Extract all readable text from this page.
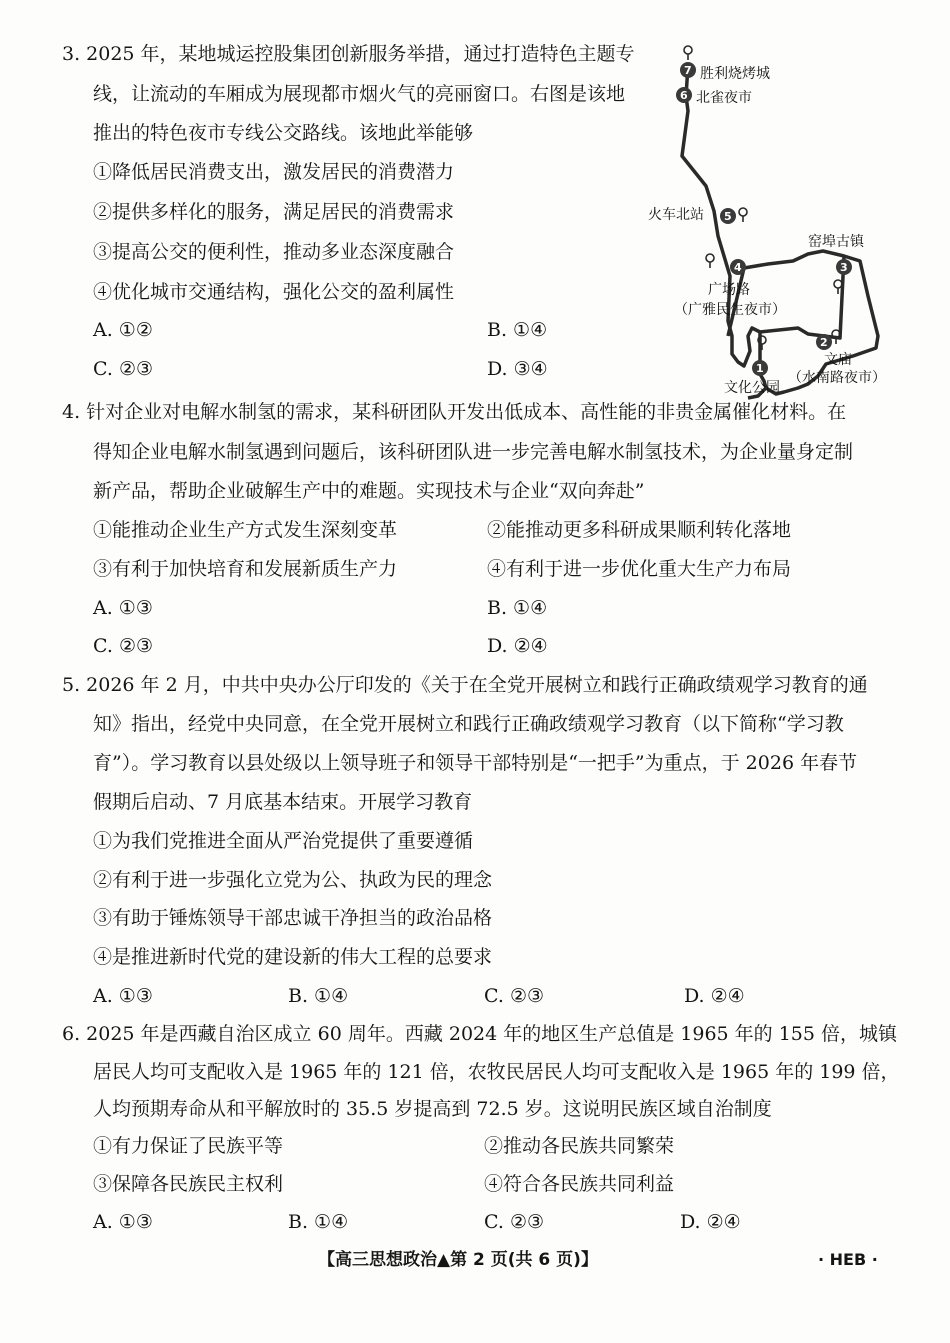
3. 2025 年，某地城运控股集团创新服务举措，通过打造特色主题专
线，让流动的车厢成为展现都市烟火气的亮丽窗口。右图是该地
推出的特色夜市专线公交路线。该地此举能够
①降低居民消费支出，激发居民的消费潜力
②提供多样化的服务，满足居民的消费需求
③提高公交的便利性，推动多业态深度融合
④优化城市交通结构，强化公交的盈利属性
A. ①②	B. ①④
C. ②③	D. ③④
7
6
5
4	3
2
1
胜利烧烤城
北雀夜市
火车北站
窑埠古镇
广场路
（广雅民生夜市）
文庙
（水南路夜市）
文化公园
4. 针对企业对电解水制氢的需求，某科研团队开发出低成本、高性能的非贵金属催化材料。在
得知企业电解水制氢遇到问题后，该科研团队进一步完善电解水制氢技术，为企业量身定制
新产品，帮助企业破解生产中的难题。实现技术与企业“双向奔赴”
①能推动企业生产方式发生深刻变革	②能推动更多科研成果顺利转化落地
③有利于加快培育和发展新质生产力	④有利于进一步优化重大生产力布局
A. ①③	B. ①④
C. ②③	D. ②④
5. 2026 年 2 月，中共中央办公厅印发的《关于在全党开展树立和践行正确政绩观学习教育的通
知》指出，经党中央同意，在全党开展树立和践行正确政绩观学习教育（以下简称“学习教
育”）。学习教育以县处级以上领导班子和领导干部特别是“一把手”为重点，于 2026 年春节
假期后启动、7 月底基本结束。开展学习教育
①为我们党推进全面从严治党提供了重要遵循
②有利于进一步强化立党为公、执政为民的理念
③有助于锤炼领导干部忠诚干净担当的政治品格
④是推进新时代党的建设新的伟大工程的总要求
A. ①③	B. ①④	C. ②③	D. ②④
6. 2025 年是西藏自治区成立 60 周年。西藏 2024 年的地区生产总值是 1965 年的 155 倍，城镇
居民人均可支配收入是 1965 年的 121 倍，农牧民居民人均可支配收入是 1965 年的 199 倍，
人均预期寿命从和平解放时的 35.5 岁提高到 72.5 岁。这说明民族区域自治制度
①有力保证了民族平等	②推动各民族共同繁荣
③保障各民族民主权利	④符合各民族共同利益
A. ①③	B. ①④	C. ②③	D. ②④
【高三思想政治▲第 2 页(共 6 页)】	· HEB ·
